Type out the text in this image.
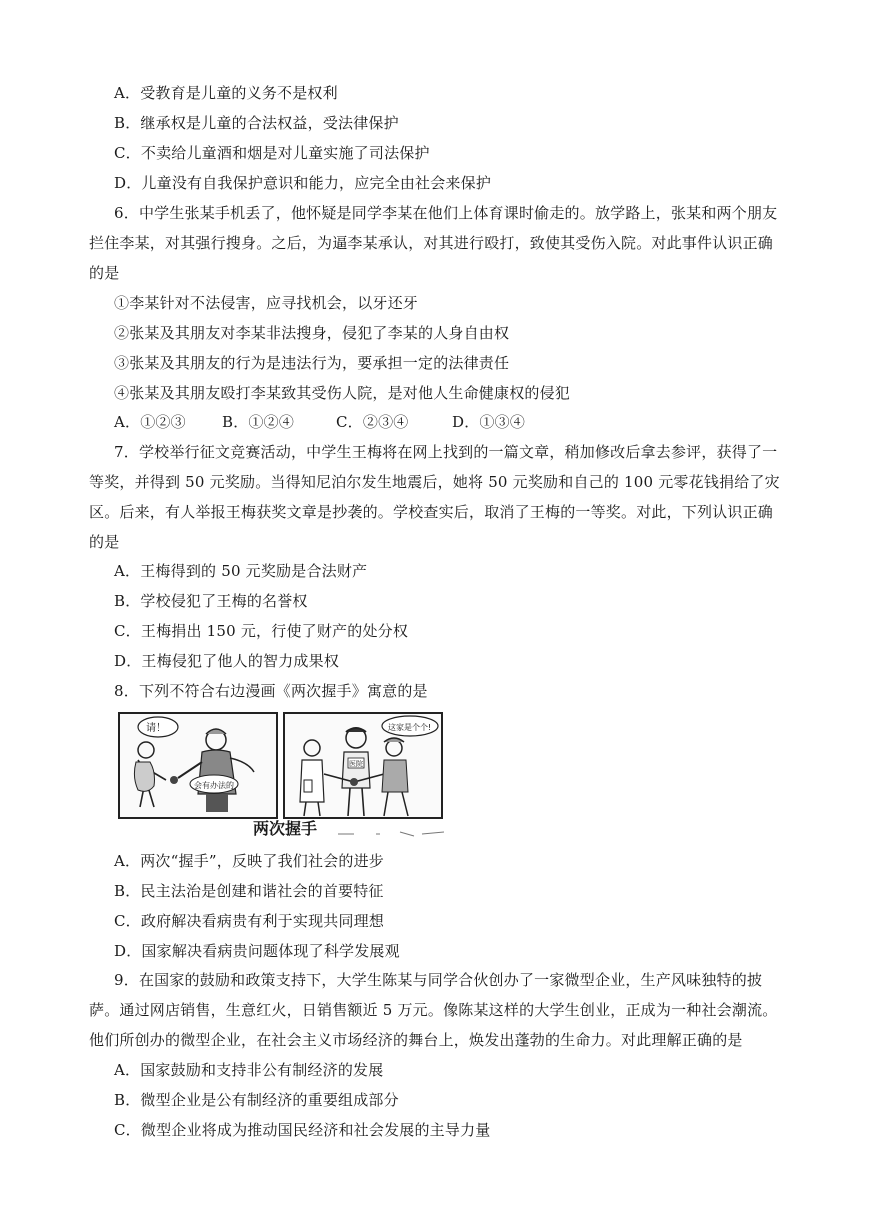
A．受教育是儿童的义务不是权利
B．继承权是儿童的合法权益，受法律保护
C．不卖给儿童酒和烟是对儿童实施了司法保护
D．儿童没有自我保护意识和能力，应完全由社会来保护
6．中学生张某手机丢了，他怀疑是同学李某在他们上体育课时偷走的。放学路上，张某和两个朋友
拦住李某，对其强行搜身。之后，为逼李某承认，对其进行殴打，致使其受伤入院。对此事件认识正确
的是
①李某针对不法侵害，应寻找机会，以牙还牙
②张某及其朋友对李某非法搜身，侵犯了李某的人身自由权
③张某及其朋友的行为是违法行为，要承担一定的法律责任
④张某及其朋友殴打李某致其受伤人院，是对他人生命健康权的侵犯
A．①②③ B．①②④	C．②③④	D．①③④
7．学校举行征文竞赛活动，中学生王梅将在网上找到的一篇文章，稍加修改后拿去参评，获得了一
等奖，并得到 50 元奖励。当得知尼泊尔发生地震后，她将 50 元奖励和自己的 100 元零花钱捐给了灾
区。后来，有人举报王梅获奖文章是抄袭的。学校查实后，取消了王梅的一等奖。对此，下列认识正确
的是
A．王梅得到的 50 元奖励是合法财产
B．学校侵犯了王梅的名誉权
C．王梅捐出 150 元，行使了财产的处分权
D．王梅侵犯了他人的智力成果权
8．下列不符合右边漫画《两次握手》寓意的是
请！
会有办法的
这家是个个!
医院
两次握手
A．两次“握手”，反映了我们社会的进步
B．民主法治是创建和谐社会的首要特征
C．政府解决看病贵有利于实现共同理想
D．国家解决看病贵问题体现了科学发展观
9．在国家的鼓励和政策支持下，大学生陈某与同学合伙创办了一家微型企业，生产风味独特的披
萨。通过网店销售，生意红火，日销售额近 5 万元。像陈某这样的大学生创业，正成为一种社会潮流。
他们所创办的微型企业，在社会主义市场经济的舞台上，焕发出蓬勃的生命力。对此理解正确的是
A．国家鼓励和支持非公有制经济的发展
B．微型企业是公有制经济的重要组成部分
C．微型企业将成为推动国民经济和社会发展的主导力量
